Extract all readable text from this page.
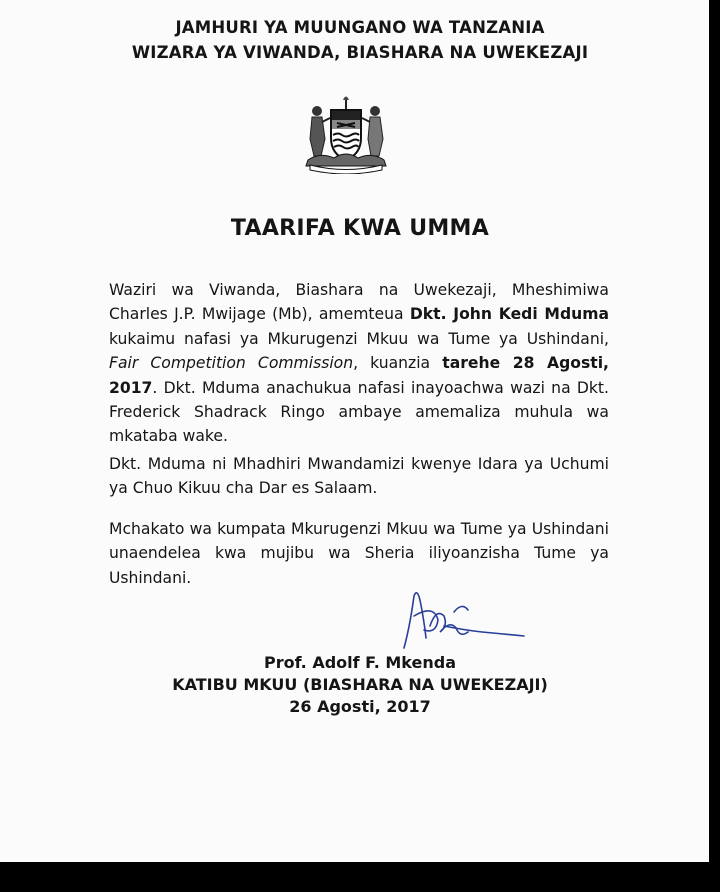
JAMHURI YA MUUNGANO WA TANZANIA
WIZARA YA VIWANDA, BIASHARA NA UWEKEZAJI
TAARIFA KWA UMMA
Waziri wa Viwanda, Biashara na Uwekezaji, Mheshimiwa Charles J.P. Mwijage (Mb), amemteua Dkt. John Kedi Mduma kukaimu nafasi ya Mkurugenzi Mkuu wa Tume ya Ushindani, Fair Competition Commission, kuanzia tarehe 28 Agosti, 2017. Dkt. Mduma anachukua nafasi inayoachwa wazi na Dkt. Frederick Shadrack Ringo ambaye amemaliza muhula wa mkataba wake.
Dkt. Mduma ni Mhadhiri Mwandamizi kwenye Idara ya Uchumi ya Chuo Kikuu cha Dar es Salaam.
Mchakato wa kumpata Mkurugenzi Mkuu wa Tume ya Ushindani unaendelea kwa mujibu wa Sheria iliyoanzisha Tume ya Ushindani.
Prof. Adolf F. Mkenda
KATIBU MKUU (BIASHARA NA UWEKEZAJI)
26 Agosti, 2017
